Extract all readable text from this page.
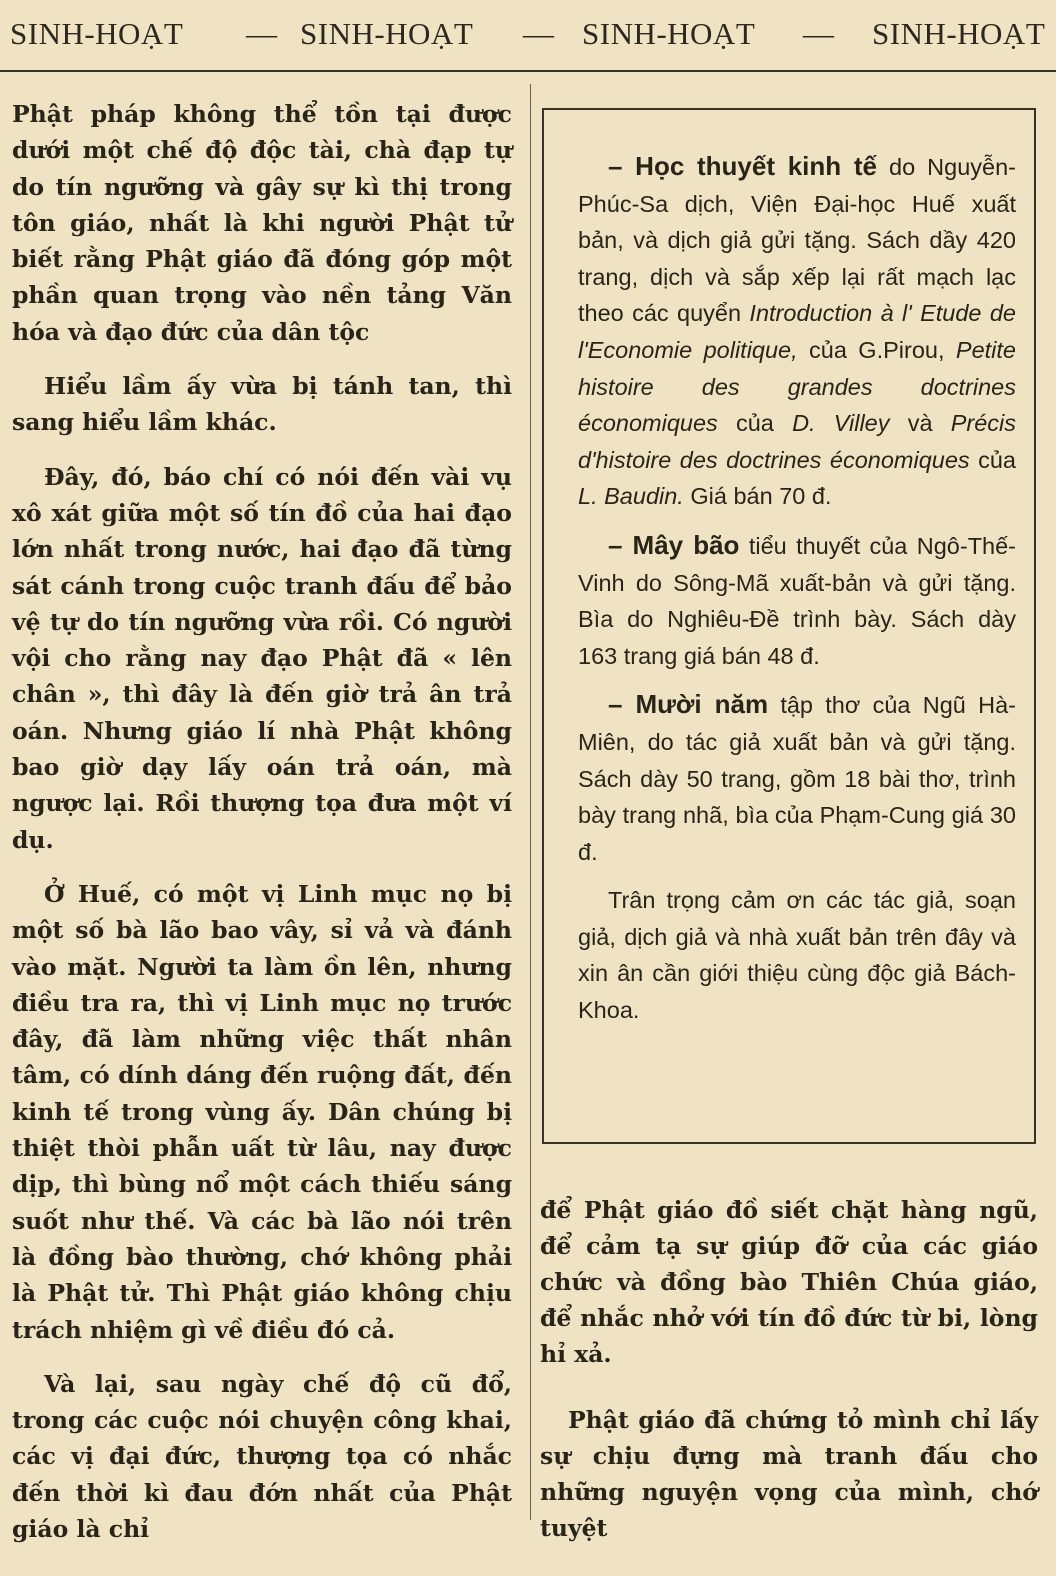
SINH-HOẠT — SINH-HOẠT — SINH-HOẠT — SINH-HOẠT

Phật pháp không thể tồn tại được dưới một chế độ độc tài, chà đạp tự do tín ngưỡng và gây sự kì thị trong tôn giáo, nhất là khi người Phật tử biết rằng Phật giáo đã đóng góp một phần quan trọng vào nền tảng Văn hóa và đạo đức của dân tộc

Hiểu lầm ấy vừa bị tánh tan, thì sang hiểu lầm khác.

Đây, đó, báo chí có nói đến vài vụ xô xát giữa một số tín đồ của hai đạo lớn nhất trong nước, hai đạo đã từng sát cánh trong cuộc tranh đấu để bảo vệ tự do tín ngưỡng vừa rồi. Có người vội cho rằng nay đạo Phật đã « lên chân », thì đây là đến giờ trả ân trả oán. Nhưng giáo lí nhà Phật không bao giờ dạy lấy oán trả oán, mà ngược lại. Rồi thượng tọa đưa một ví dụ.

Ở Huế, có một vị Linh mục nọ bị một số bà lão bao vây, sỉ vả và đánh vào mặt. Người ta làm ồn lên, nhưng điều tra ra, thì vị Linh mục nọ trước đây, đã làm những việc thất nhân tâm, có dính dáng đến ruộng đất, đến kinh tế trong vùng ấy. Dân chúng bị thiệt thòi phẫn uất từ lâu, nay được dịp, thì bùng nổ một cách thiếu sáng suốt như thế. Và các bà lão nói trên là đồng bào thường, chớ không phải là Phật tử. Thì Phật giáo không chịu trách nhiệm gì về điều đó cả.

Và lại, sau ngày chế độ cũ đổ, trong các cuộc nói chuyện công khai, các vị đại đức, thượng tọa có nhắc đến thời kì đau đớn nhất của Phật giáo là chỉ

– Học thuyết kinh tế do Nguyễn-Phúc-Sa dịch, Viện Đại-học Huế xuất bản, và dịch giả gửi tặng. Sách dầy 420 trang, dịch và sắp xếp lại rất mạch lạc theo các quyển Introduction à l' Etude de l'Economie politique, của G.Pirou, Petite histoire des grandes doctrines économiques của D. Villey và Précis d'histoire des doctrines économiques của L. Baudin. Giá bán 70 đ.

– Mây bão tiểu thuyết của Ngô-Thế-Vinh do Sông-Mã xuất-bản và gửi tặng. Bìa do Nghiêu-Đề trình bày. Sách dày 163 trang giá bán 48 đ.

– Mười năm tập thơ của Ngũ Hà-Miên, do tác giả xuất bản và gửi tặng. Sách dày 50 trang, gồm 18 bài thơ, trình bày trang nhã, bìa của Phạm-Cung giá 30 đ.

Trân trọng cảm ơn các tác giả, soạn giả, dịch giả và nhà xuất bản trên đây và xin ân cần giới thiệu cùng độc giả Bách-Khoa.

để Phật giáo đồ siết chặt hàng ngũ, để cảm tạ sự giúp đỡ của các giáo chức và đồng bào Thiên Chúa giáo, để nhắc nhở với tín đồ đức từ bi, lòng hỉ xả.

Phật giáo đã chứng tỏ mình chỉ lấy sự chịu đựng mà tranh đấu cho những nguyện vọng của mình, chớ tuyệt
